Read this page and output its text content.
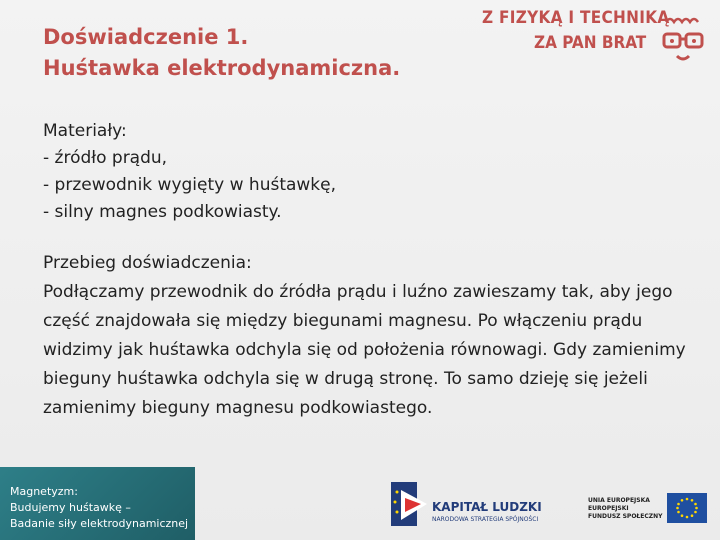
Doświadczenie 1.
Huśtawka elektrodynamiczna.
Z FIZYKĄ I TECHNIKĄ
ZA PAN BRAT
Materiały:
- źródło prądu,
- przewodnik wygięty w huśtawkę,
- silny magnes podkowiasty.
Przebieg doświadczenia:
Podłączamy przewodnik do źródła prądu i luźno zawieszamy tak, aby jego część znajdowała się między biegunami magnesu. Po włączeniu prądu widzimy jak huśtawka odchyla się od położenia równowagi. Gdy zamienimy bieguny huśtawka odchyla się w drugą stronę. To samo dzieję się jeżeli zamienimy bieguny magnesu podkowiastego.
Magnetyzm:
Budujemy huśtawkę –
Badanie siły elektrodynamicznej
KAPITAŁ LUDZKI
NARODOWA STRATEGIA SPÓJNOŚCI
UNIA EUROPEJSKA
EUROPEJSKI
FUNDUSZ SPOŁECZNY
